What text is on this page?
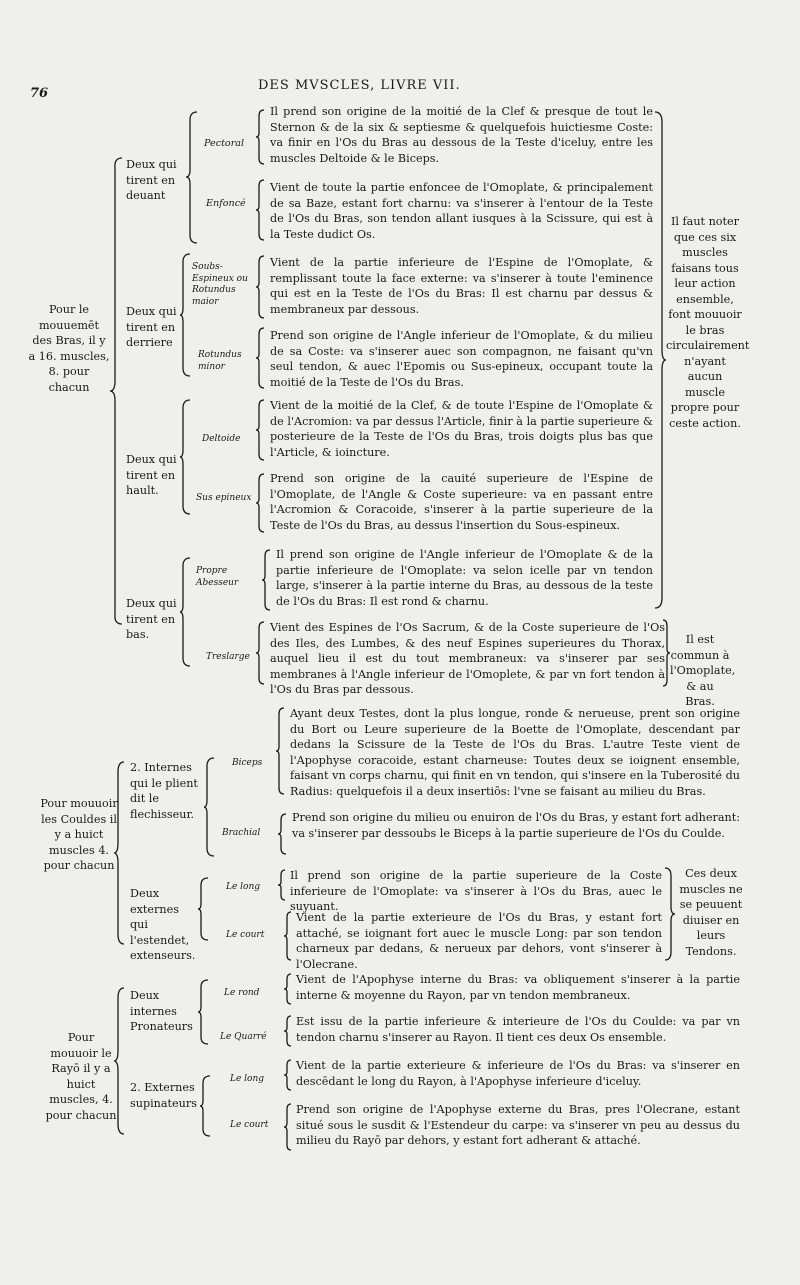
76
DES MVSCLES, LIVRE VII.
Pour le mouuemēt des Bras, il y a 16. muscles, 8. pour chacun
Deux qui tirent en deuant
Pectoral
Il prend son origine de la moitié de la Clef & presque de tout le Sternon & de la six & septiesme & quelquefois huictiesme Coste: va finir en l'Os du Bras au dessous de la Teste d'iceluy, entre les muscles Deltoide & le Biceps.
Enfoncé
Vient de toute la partie enfoncee de l'Omoplate, & principalement de sa Baze, estant fort charnu: va s'inserer à l'entour de la Teste de l'Os du Bras, son tendon allant iusques à la Scissure, qui est à la Teste dudict Os.
Deux qui tirent en derriere
Soubs-Espineux ou Rotundus maior
Vient de la partie inferieure de l'Espine de l'Omoplate, & remplissant toute la face externe: va s'inserer à toute l'eminence qui est en la Teste de l'Os du Bras: Il est charnu par dessus & membraneux par dessous.
Rotundus minor
Prend son origine de l'Angle inferieur de l'Omoplate, & du milieu de sa Coste: va s'inserer auec son compagnon, ne faisant qu'vn seul tendon, & auec l'Epomis ou Sus-epineux, occupant toute la moitié de la Teste de l'Os du Bras.
Deux qui tirent en hault.
Deltoide
Vient de la moitié de la Clef, & de toute l'Espine de l'Omoplate & de l'Acromion: va par dessus l'Article, finir à la partie superieure & posterieure de la Teste de l'Os du Bras, trois doigts plus bas que l'Article, & ioincture.
Sus epineux
Prend son origine de la cauité superieure de l'Espine de l'Omoplate, de l'Angle & Coste superieure: va en passant entre l'Acromion & Coracoide, s'inserer à la partie superieure de la Teste de l'Os du Bras, au dessus l'insertion du Sous-espineux.
Deux qui tirent en bas.
Propre Abesseur
Il prend son origine de l'Angle inferieur de l'Omoplate & de la partie inferieure de l'Omoplate: va selon icelle par vn tendon large, s'inserer à la partie interne du Bras, au dessous de la teste de l'Os du Bras: Il est rond & charnu.
Treslarge
Vient des Espines de l'Os Sacrum, & de la Coste superieure de l'Os des Iles, des Lumbes, & des neuf Espines superieures du Thorax, auquel lieu il est du tout membraneux: va s'inserer par ses membranes à l'Angle inferieur de l'Omoplete, & par vn fort tendon à l'Os du Bras par dessous.
Il faut noter que ces six muscles faisans tous leur action ensemble, font mouuoir le bras circulairement n'ayant aucun muscle propre pour ceste action.
Il est commun à l'Omoplate, & au Bras.
Pour mouuoir les Couldes il y a huict muscles 4. pour chacun
2. Internes qui le plient dit le flechisseur.
Biceps
Ayant deux Testes, dont la plus longue, ronde & nerueuse, prent son origine du Bort ou Leure superieure de la Boette de l'Omoplate, descendant par dedans la Scissure de la Teste de l'Os du Bras. L'autre Teste vient de l'Apophyse coracoide, estant charneuse: Toutes deux se ioignent ensemble, faisant vn corps charnu, qui finit en vn tendon, qui s'insere en la Tuberosité du Radius: quelquefois il a deux insertiōs: l'vne se faisant au milieu du Bras.
Brachial
Prend son origine du milieu ou enuiron de l'Os du Bras, y estant fort adherant: va s'inserer par dessoubs le Biceps à la partie superieure de l'Os du Coulde.
Deux externes qui l'estendet, extenseurs.
Le long
Il prend son origine de la partie superieure de la Coste inferieure de l'Omoplate: va s'inserer à l'Os du Bras, auec le suyuant.
Le court
Vient de la partie exterieure de l'Os du Bras, y estant fort attaché, se ioignant fort auec le muscle Long: par son tendon charneux par dedans, & nerueux par dehors, vont s'inserer à l'Olecrane.
Ces deux muscles ne se peuuent diuiser en leurs Tendons.
Pour mouuoir le Rayō il y a huict muscles, 4. pour chacun
Deux internes Pronateurs
Le rond
Vient de l'Apophyse interne du Bras: va obliquement s'inserer à la partie interne & moyenne du Rayon, par vn tendon membraneux.
Le Quarré
Est issu de la partie inferieure & interieure de l'Os du Coulde: va par vn tendon charnu s'inserer au Rayon. Il tient ces deux Os ensemble.
2. Externes supinateurs
Le long
Vient de la partie exterieure & inferieure de l'Os du Bras: va s'inserer en descēdant le long du Rayon, à l'Apophyse inferieure d'iceluy.
Le court
Prend son origine de l'Apophyse externe du Bras, pres l'Olecrane, estant situé sous le susdit & l'Estendeur du carpe: va s'inserer vn peu au dessus du milieu du Rayō par dehors, y estant fort adherant & attaché.
